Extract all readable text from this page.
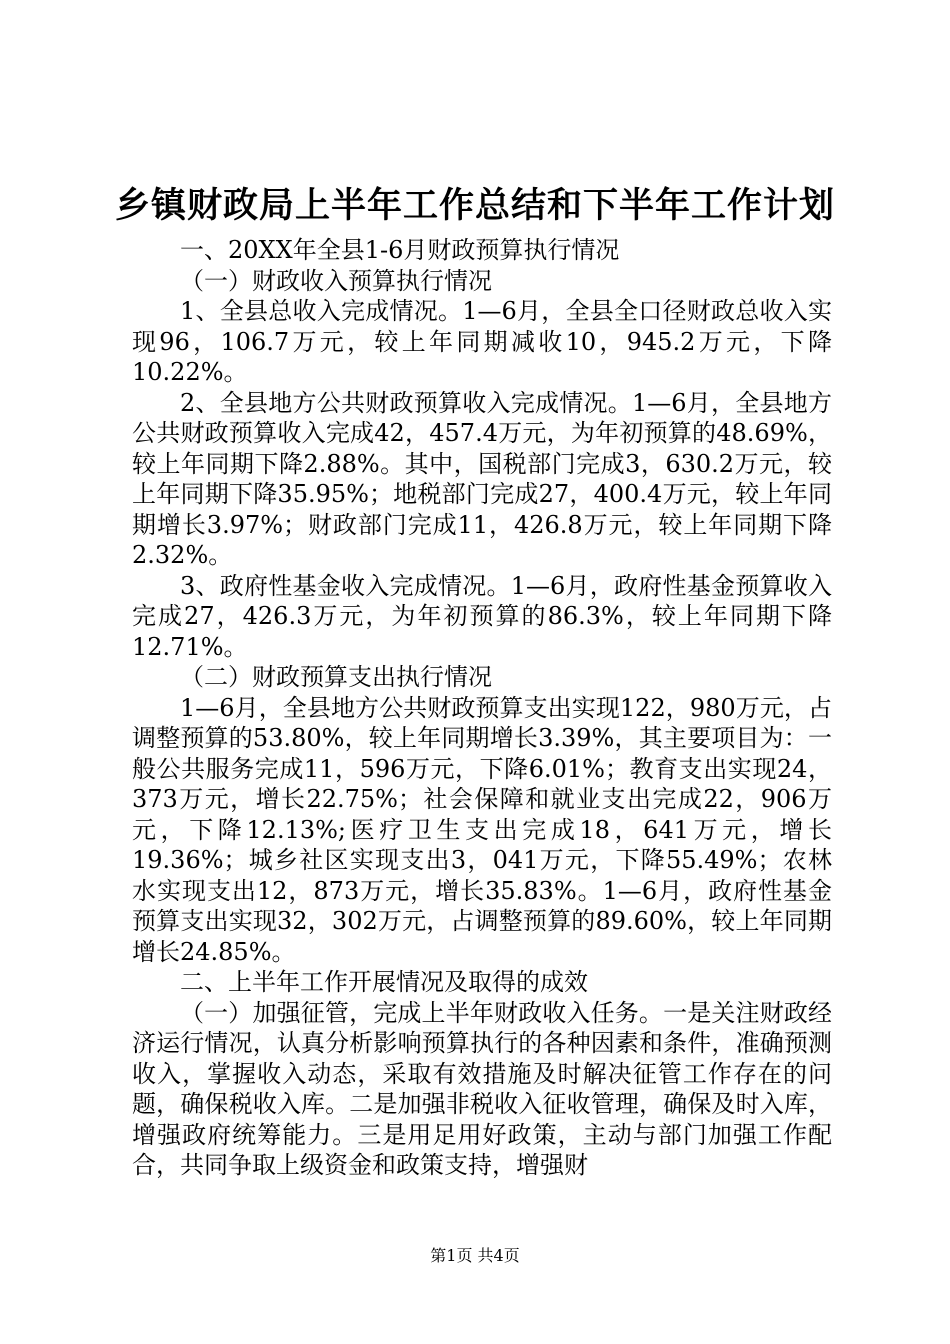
乡镇财政局上半年工作总结和下半年工作计划

一、20XX年全县1-6月财政预算执行情况

（一）财政收入预算执行情况

1、全县总收入完成情况。1—6月，全县全口径财政总收入实现96，106.7万元，较上年同期减收10，945.2万元，下降10.22%。

2、全县地方公共财政预算收入完成情况。1—6月，全县地方公共财政预算收入完成42，457.4万元，为年初预算的48.69%，较上年同期下降2.88%。其中，国税部门完成3，630.2万元，较上年同期下降35.95%；地税部门完成27，400.4万元，较上年同期增长3.97%；财政部门完成11，426.8万元，较上年同期下降2.32%。

3、政府性基金收入完成情况。1—6月，政府性基金预算收入完成27，426.3万元，为年初预算的86.3%，较上年同期下降12.71%。

（二）财政预算支出执行情况

1—6月，全县地方公共财政预算支出实现122，980万元，占调整预算的53.80%，较上年同期增长3.39%，其主要项目为：一般公共服务完成11，596万元，下降6.01%；教育支出实现24，373万元，增长22.75%；社会保障和就业支出完成22，906万元，下降12.13%;医疗卫生支出完成18，641万元，增长19.36%；城乡社区实现支出3，041万元，下降55.49%；农林水实现支出12，873万元，增长35.83%。1—6月，政府性基金预算支出实现32，302万元，占调整预算的89.60%，较上年同期增长24.85%。

二、上半年工作开展情况及取得的成效

（一）加强征管，完成上半年财政收入任务。一是关注财政经济运行情况，认真分析影响预算执行的各种因素和条件，准确预测收入，掌握收入动态，采取有效措施及时解决征管工作存在的问题，确保税收入库。二是加强非税收入征收管理，确保及时入库，增强政府统筹能力。三是用足用好政策，主动与部门加强工作配合，共同争取上级资金和政策支持，增强财

第1页 共4页
